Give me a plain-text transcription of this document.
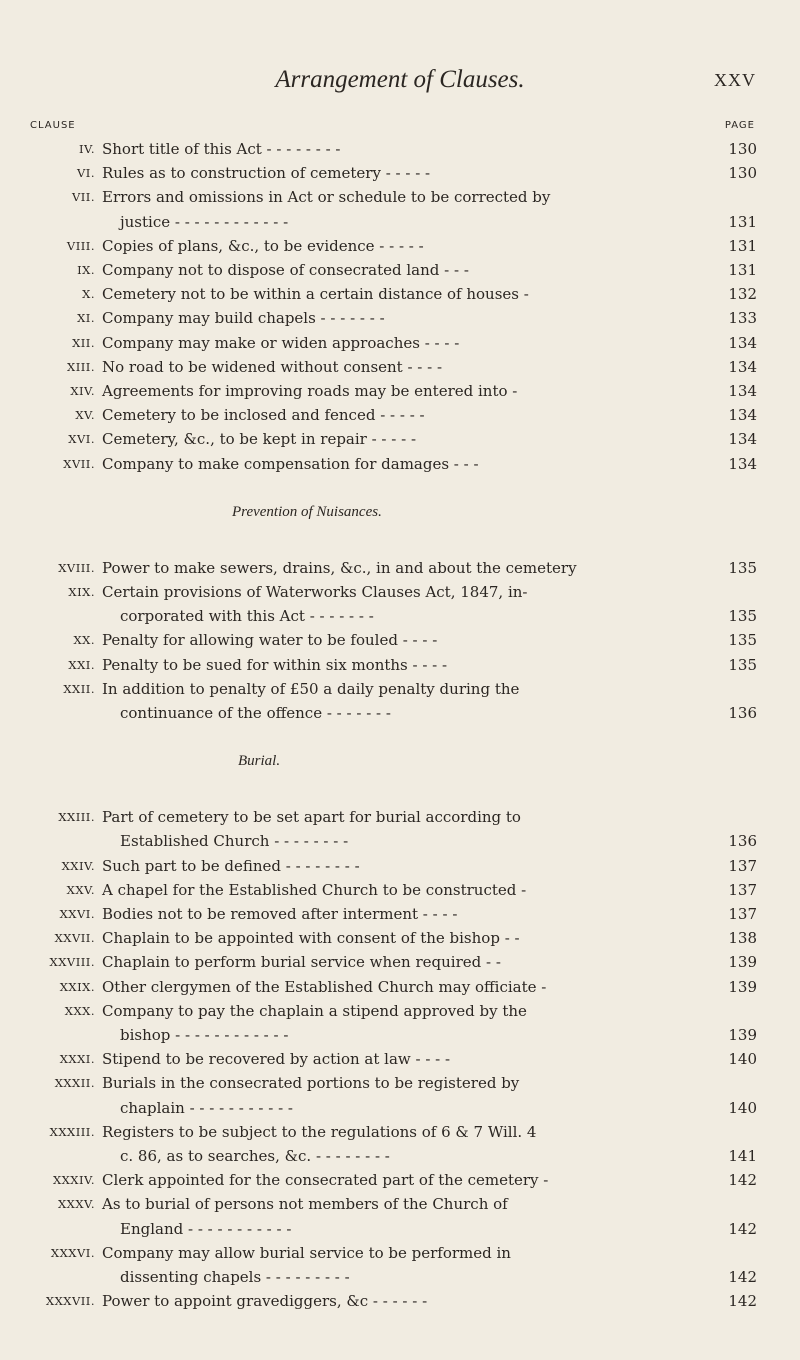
Arrangement of Clauses.	XXV
CLAUSE	PAGE
IV. Short title of this Act - - - - - - - -	130
VI. Rules as to construction of cemetery - - - - -	130
VII. Errors and omissions in Act or schedule to be corrected by
justice - - - - - - - - - - - -	131
VIII. Copies of plans, &c., to be evidence - - - - -	131
IX. Company not to dispose of consecrated land - - -	131
X. Cemetery not to be within a certain distance of houses -	132
XI. Company may build chapels - - - - - - -	133
XII. Company may make or widen approaches - - - -	134
XIII. No road to be widened without consent - - - -	134
XIV. Agreements for improving roads may be entered into -	134
XV. Cemetery to be inclosed and fenced - - - - -	134
XVI. Cemetery, &c., to be kept in repair - - - - -	134
XVII. Company to make compensation for damages - - -	134
Prevention of Nuisances.
XVIII. Power to make sewers, drains, &c., in and about the cemetery	135
XIX. Certain provisions of Waterworks Clauses Act, 1847, in-
corporated with this Act - - - - - - -	135
XX. Penalty for allowing water to be fouled - - - -	135
XXI. Penalty to be sued for within six months - - - -	135
XXII. In addition to penalty of £50 a daily penalty during the
continuance of the offence - - - - - - -	136
Burial.
XXIII. Part of cemetery to be set apart for burial according to
Established Church - - - - - - - -	136
XXIV. Such part to be defined - - - - - - - -	137
XXV. A chapel for the Established Church to be constructed -	137
XXVI. Bodies not to be removed after interment - - - -	137
XXVII. Chaplain to be appointed with consent of the bishop - -	138
XXVIII. Chaplain to perform burial service when required - -	139
XXIX. Other clergymen of the Established Church may officiate -	139
XXX. Company to pay the chaplain a stipend approved by the
bishop - - - - - - - - - - - -	139
XXXI. Stipend to be recovered by action at law - - - -	140
XXXII. Burials in the consecrated portions to be registered by
chaplain - - - - - - - - - - -	140
XXXIII. Registers to be subject to the regulations of 6 & 7 Will. 4
c. 86, as to searches, &c. - - - - - - - -	141
XXXIV. Clerk appointed for the consecrated part of the cemetery -	142
XXXV. As to burial of persons not members of the Church of
England - - - - - - - - - - -	142
XXXVI. Company may allow burial service to be performed in
dissenting chapels - - - - - - - - -	142
XXXVII. Power to appoint gravediggers, &c - - - - - -	142
